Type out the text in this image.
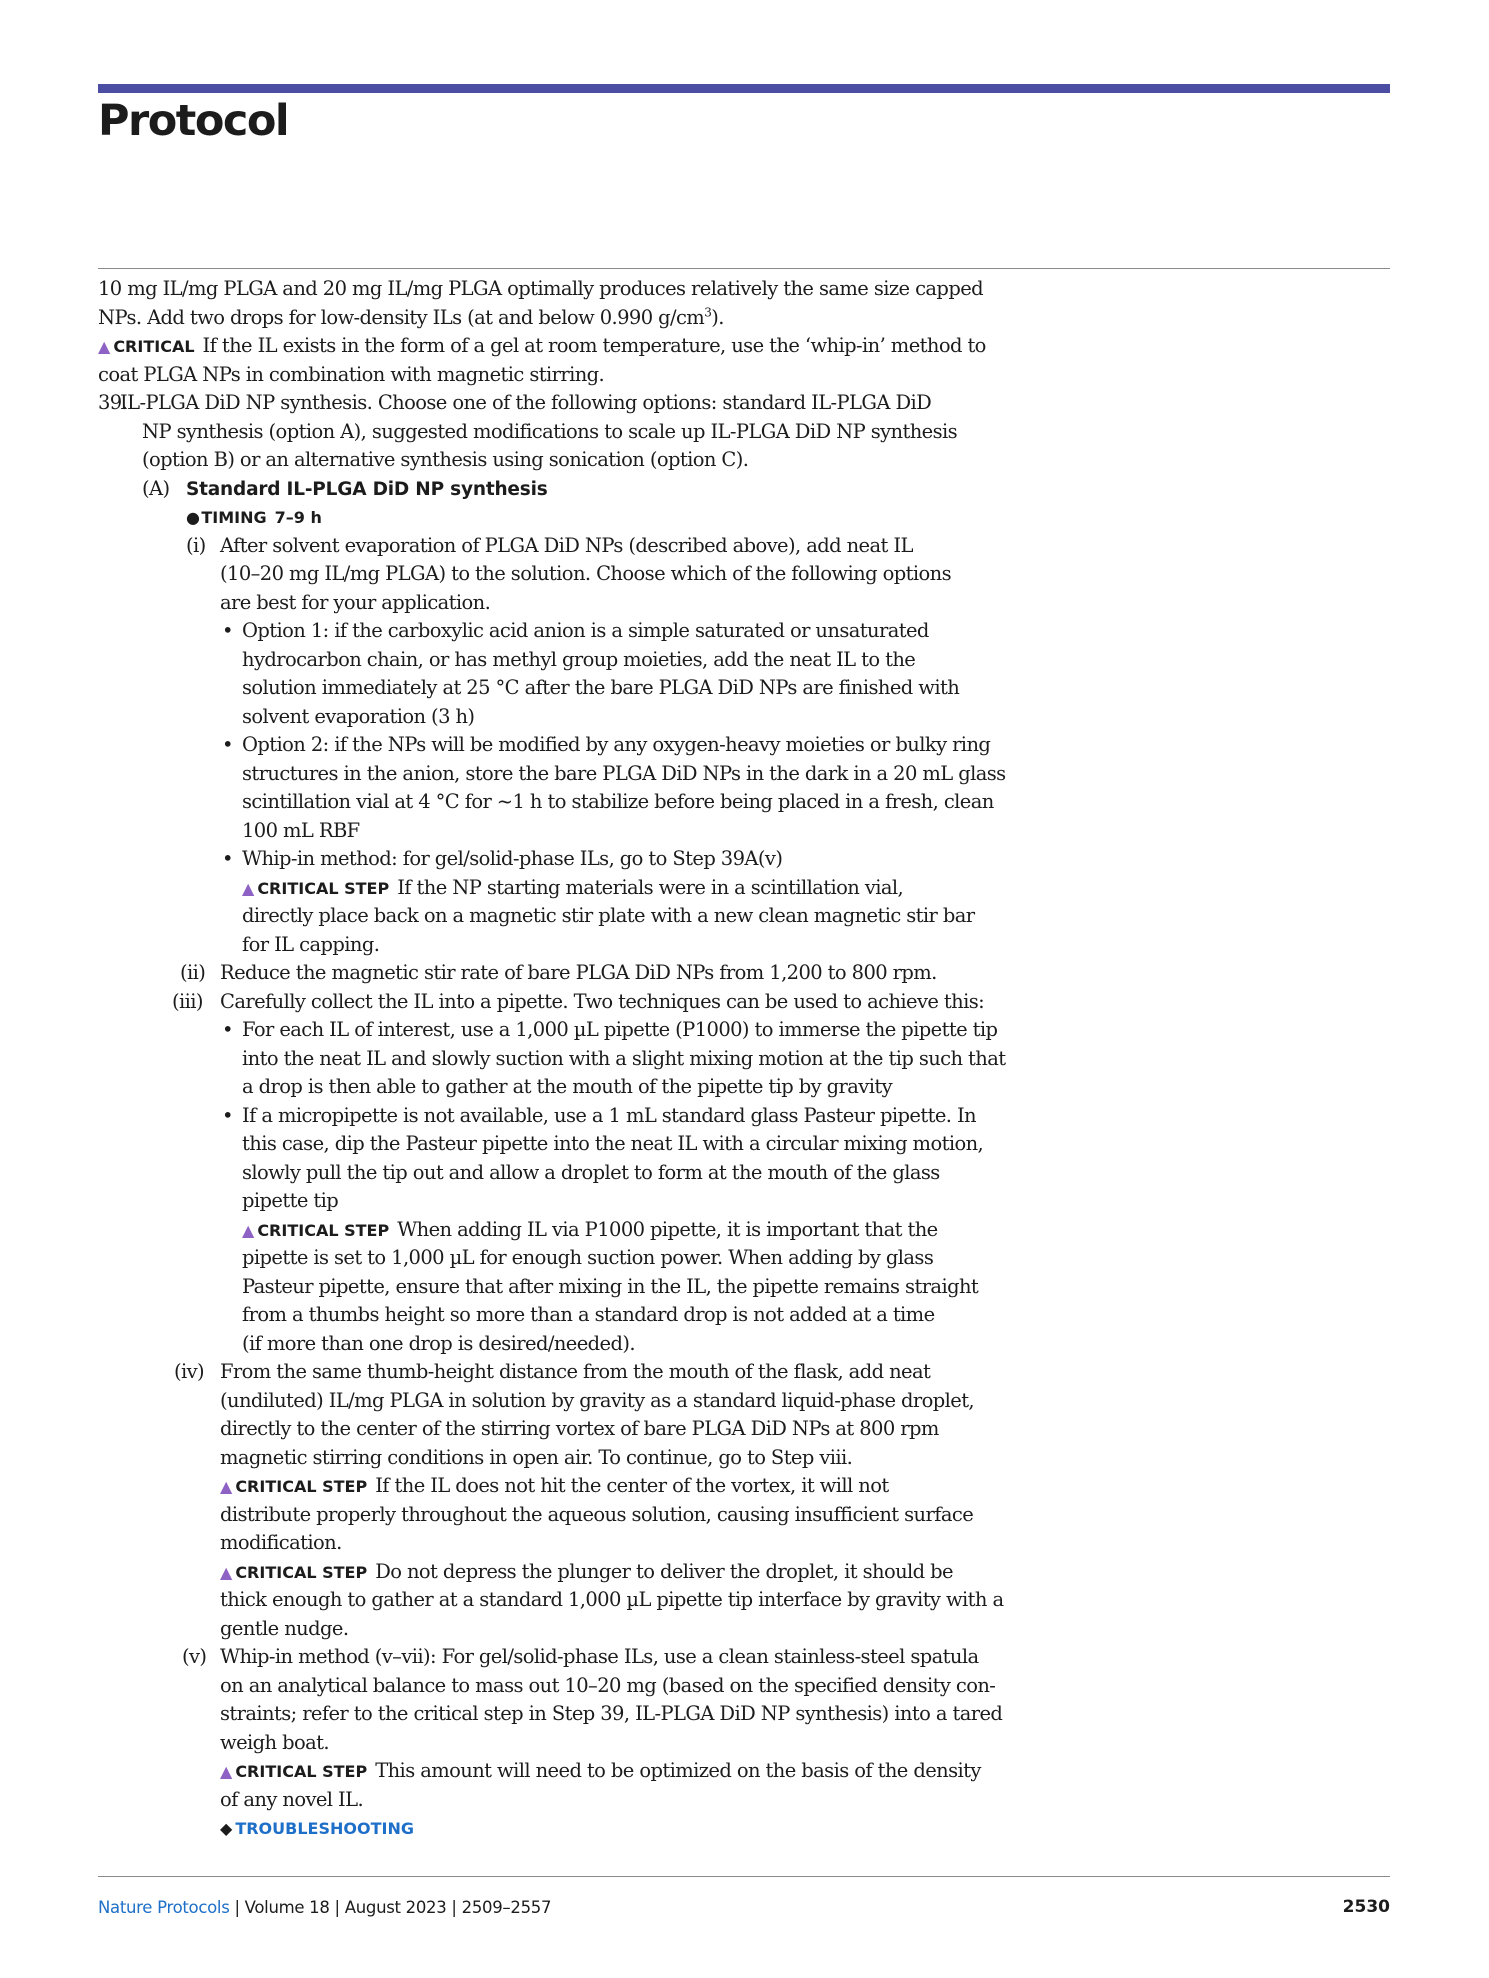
Protocol
10 mg IL/mg PLGA and 20 mg IL/mg PLGA optimally produces relatively the same size capped
NPs. Add two drops for low-density ILs (at and below 0.990 $g/cm^3$).
▲ CRITICAL If the IL exists in the form of a gel at room temperature, use the ‘whip-in’ method to
coat PLGA NPs in combination with magnetic stirring.
39.
IL-PLGA DiD NP synthesis. Choose one of the following options: standard IL-PLGA DiD
NP synthesis (option A), suggested modifications to scale up IL-PLGA DiD NP synthesis
(option B) or an alternative synthesis using sonication (option C).
(A) Standard IL-PLGA DiD NP synthesis
● TIMING 7–9 h
(i) After solvent evaporation of PLGA DiD NPs (described above), add neat IL
(10–20 mg IL/mg PLGA) to the solution. Choose which of the following options
are best for your application.
• Option 1: if the carboxylic acid anion is a simple saturated or unsaturated
hydrocarbon chain, or has methyl group moieties, add the neat IL to the
solution immediately at 25 °C after the bare PLGA DiD NPs are finished with
solvent evaporation (3 h)
• Option 2: if the NPs will be modified by any oxygen-heavy moieties or bulky ring
structures in the anion, store the bare PLGA DiD NPs in the dark in a 20 mL glass
scintillation vial at 4 °C for ~1 h to stabilize before being placed in a fresh, clean
100 mL RBF
• Whip-in method: for gel/solid-phase ILs, go to Step 39A(v)
▲ CRITICAL STEP If the NP starting materials were in a scintillation vial,
directly place back on a magnetic stir plate with a new clean magnetic stir bar
for IL capping.
(ii) Reduce the magnetic stir rate of bare PLGA DiD NPs from 1,200 to 800 rpm.
(iii) Carefully collect the IL into a pipette. Two techniques can be used to achieve this:
• For each IL of interest, use a 1,000 µL pipette (P1000) to immerse the pipette tip
into the neat IL and slowly suction with a slight mixing motion at the tip such that
a drop is then able to gather at the mouth of the pipette tip by gravity
• If a micropipette is not available, use a 1 mL standard glass Pasteur pipette. In
this case, dip the Pasteur pipette into the neat IL with a circular mixing motion,
slowly pull the tip out and allow a droplet to form at the mouth of the glass
pipette tip
▲ CRITICAL STEP When adding IL via P1000 pipette, it is important that the
pipette is set to 1,000 µL for enough suction power. When adding by glass
Pasteur pipette, ensure that after mixing in the IL, the pipette remains straight
from a thumbs height so more than a standard drop is not added at a time
(if more than one drop is desired/needed).
(iv) From the same thumb-height distance from the mouth of the flask, add neat
(undiluted) IL/mg PLGA in solution by gravity as a standard liquid-phase droplet,
directly to the center of the stirring vortex of bare PLGA DiD NPs at 800 rpm
magnetic stirring conditions in open air. To continue, go to Step viii.
▲ CRITICAL STEP If the IL does not hit the center of the vortex, it will not
distribute properly throughout the aqueous solution, causing insufficient surface
modification.
▲ CRITICAL STEP Do not depress the plunger to deliver the droplet, it should be
thick enough to gather at a standard 1,000 µL pipette tip interface by gravity with a
gentle nudge.
(v) Whip-in method (v–vii): For gel/solid-phase ILs, use a clean stainless-steel spatula
on an analytical balance to mass out 10–20 mg (based on the specified density con-
straints; refer to the critical step in Step 39, IL-PLGA DiD NP synthesis) into a tared
weigh boat.
▲ CRITICAL STEP This amount will need to be optimized on the basis of the density
of any novel IL.
◆ TROUBLESHOOTING
Nature Protocols | Volume 18 | August 2023 | 2509–2557	2530
